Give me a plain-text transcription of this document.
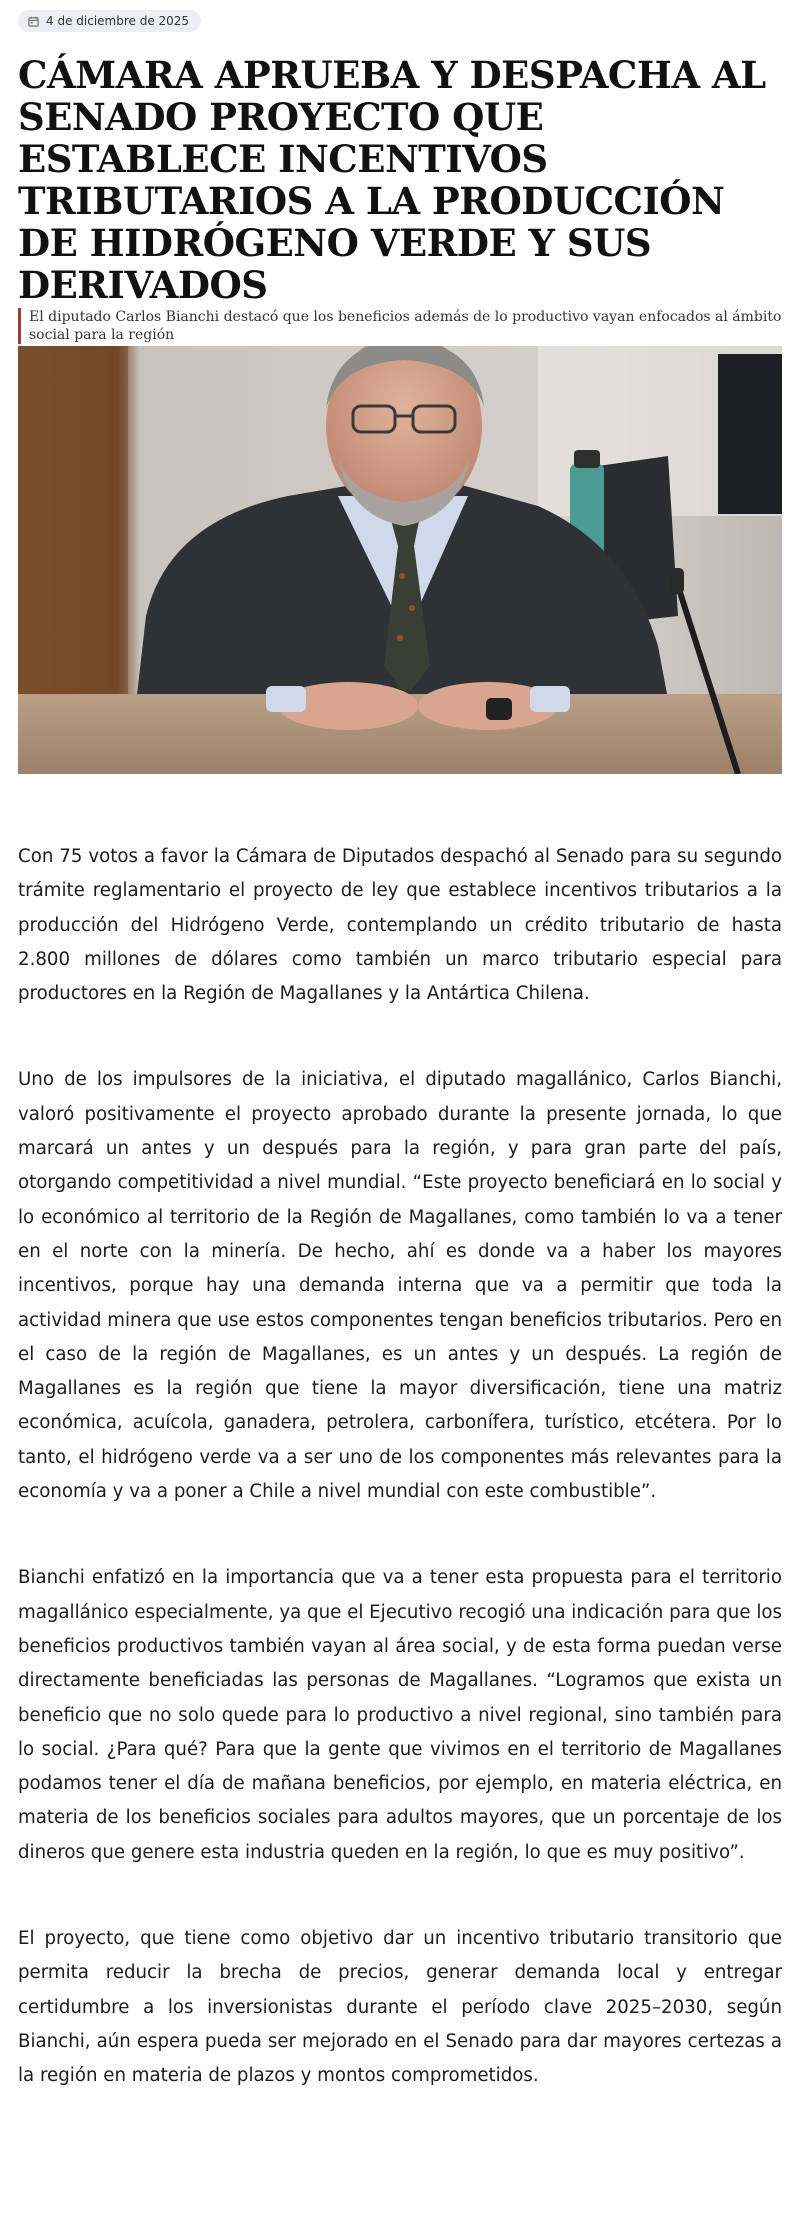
4 de diciembre de 2025
CÁMARA APRUEBA Y DESPACHA AL SENADO PROYECTO QUE ESTABLECE INCENTIVOS TRIBUTARIOS A LA PRODUCCIÓN DE HIDRÓGENO VERDE Y SUS DERIVADOS

El diputado Carlos Bianchi destacó que los beneficios además de lo productivo vayan enfocados al ámbito social para la región

Con 75 votos a favor la Cámara de Diputados despachó al Senado para su segundo trámite reglamentario el proyecto de ley que establece incentivos tributarios a la producción del Hidrógeno Verde, contemplando un crédito tributario de hasta 2.800 millones de dólares como también un marco tributario especial para productores en la Región de Magallanes y la Antártica Chilena.

Uno de los impulsores de la iniciativa, el diputado magallánico, Carlos Bianchi, valoró positivamente el proyecto aprobado durante la presente jornada, lo que marcará un antes y un después para la región, y para gran parte del país, otorgando competitividad a nivel mundial. “Este proyecto beneficiará en lo social y lo económico al territorio de la Región de Magallanes, como también lo va a tener en el norte con la minería. De hecho, ahí es donde va a haber los mayores incentivos, porque hay una demanda interna que va a permitir que toda la actividad minera que use estos componentes tengan beneficios tributarios. Pero en el caso de la región de Magallanes, es un antes y un después. La región de Magallanes es la región que tiene la mayor diversificación, tiene una matriz económica, acuícola, ganadera, petrolera, carbonífera, turístico, etcétera. Por lo tanto, el hidrógeno verde va a ser uno de los componentes más relevantes para la economía y va a poner a Chile a nivel mundial con este combustible”.

Bianchi enfatizó en la importancia que va a tener esta propuesta para el territorio magallánico especialmente, ya que el Ejecutivo recogió una indicación para que los beneficios productivos también vayan al área social, y de esta forma puedan verse directamente beneficiadas las personas de Magallanes. “Logramos que exista un beneficio que no solo quede para lo productivo a nivel regional, sino también para lo social. ¿Para qué? Para que la gente que vivimos en el territorio de Magallanes podamos tener el día de mañana beneficios, por ejemplo, en materia eléctrica, en materia de los beneficios sociales para adultos mayores, que un porcentaje de los dineros que genere esta industria queden en la región, lo que es muy positivo”.

El proyecto, que tiene como objetivo dar un incentivo tributario transitorio que permita reducir la brecha de precios, generar demanda local y entregar certidumbre a los inversionistas durante el período clave 2025–2030, según Bianchi, aún espera pueda ser mejorado en el Senado para dar mayores certezas a la región en materia de plazos y montos comprometidos.
